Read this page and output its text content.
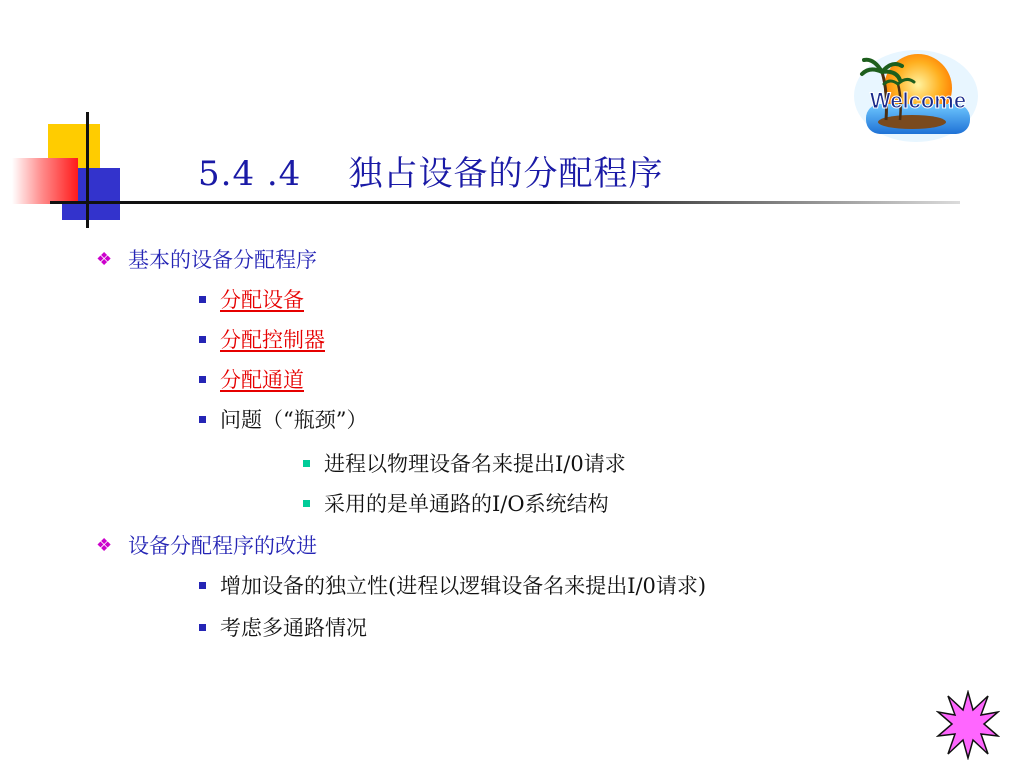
5.4 .4    独占设备的分配程序
Welcome
❖ 基本的设备分配程序
分配设备
分配控制器
分配通道
问题（“瓶颈”）
进程以物理设备名来提出I/0请求
采用的是单通路的I/O系统结构
❖ 设备分配程序的改进
增加设备的独立性(进程以逻辑设备名来提出I/0请求)
考虑多通路情况
